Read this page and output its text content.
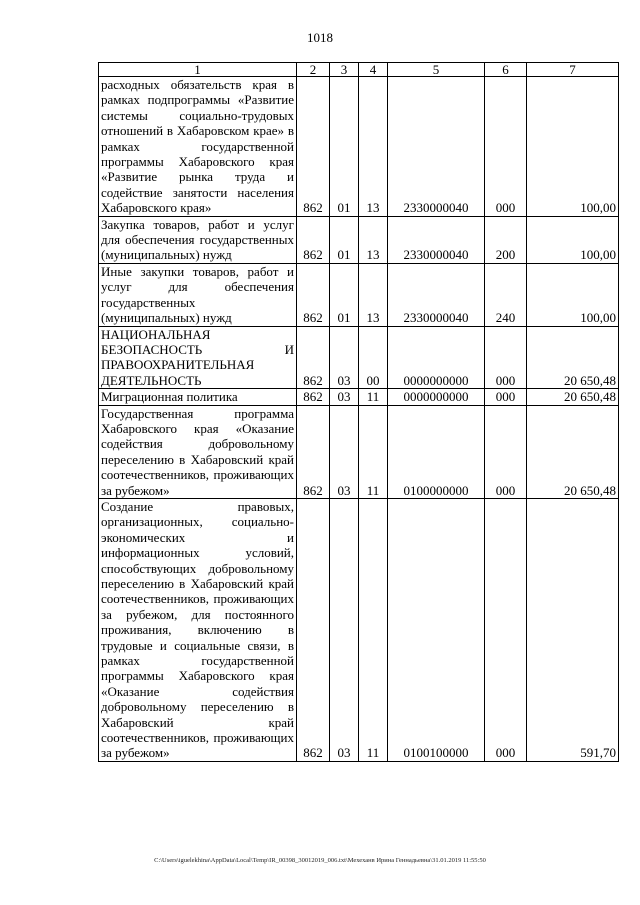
1018
1	2	3	4	5	6	7
расходных обязательств края в рамках подпрограммы «Развитие системы социально-трудовых отношений в Хабаровском крае» в рамках государственной программы Хабаровского края «Развитие рынка труда и содействие занятости населения Хабаровского края»	862	01	13	2330000040	000	100,00
Закупка товаров, работ и услуг для обеспечения государственных (муниципальных) нужд	862	01	13	2330000040	200	100,00
Иные закупки товаров, работ и услуг для обеспечения государственных (муниципальных) нужд	862	01	13	2330000040	240	100,00
НАЦИОНАЛЬНАЯ БЕЗОПАСНОСТЬ И ПРАВООХРАНИТЕЛЬНАЯ ДЕЯТЕЛЬНОСТЬ	862	03	00	0000000000	000	20 650,48
Миграционная политика	862	03	11	0000000000	000	20 650,48
Государственная программа Хабаровского края «Оказание содействия добровольному переселению в Хабаровский край соотечественников, проживающих за рубежом»	862	03	11	0100000000	000	20 650,48
Создание правовых, организационных, социально-экономических и информационных условий, способствующих добровольному переселению в Хабаровский край соотечественников, проживающих за рубежом, для постоянного проживания, включению в трудовые и социальные связи, в рамках государственной программы Хабаровского края «Оказание содействия добровольному переселению в Хабаровский край соотечественников, проживающих за рубежом»	862	03	11	0100100000	000	591,70
C:\Users\iguelekhina\AppData\Local\Temp\IR_00398_30012019_006.txt\Мехеханв Ирина Геннадьевна\31.01.2019 11:55:50
